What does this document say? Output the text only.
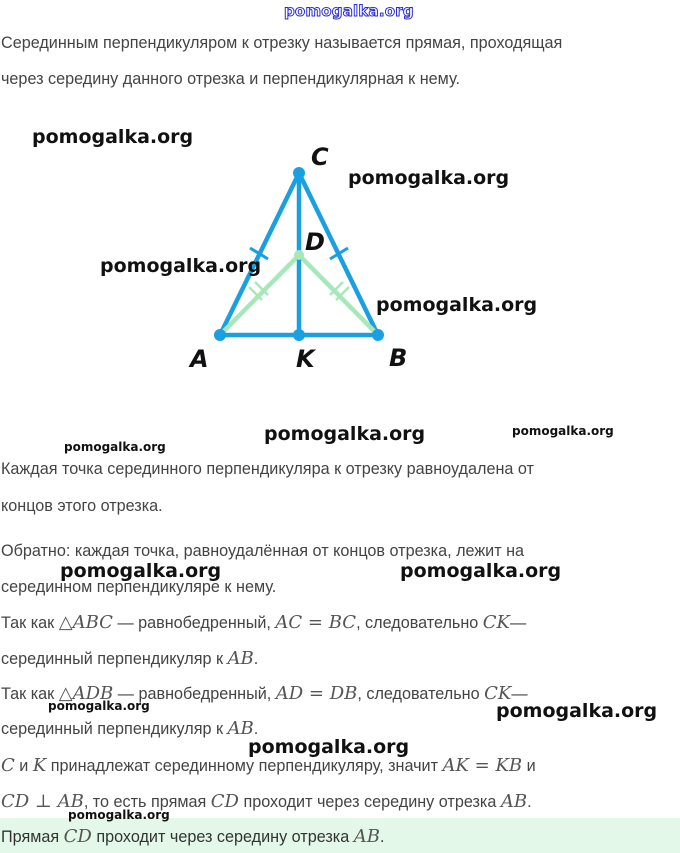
pomogalka.org
Серединным перпендикуляром к отрезку называется прямая, проходящая
через середину данного отрезка и перпендикулярная к нему.
C
D
A	K	B
pomogalka.org
pomogalka.org
pomogalka.org
pomogalka.org
pomogalka.org
pomogalka.org	pomogalka.org
Каждая точка серединного перпендикуляра к отрезку равноудалена от
концов этого отрезка.
Обратно: каждая точка, равноудалённая от концов отрезка, лежит на
серединном перпендикуляре к нему.
pomogalka.org	pomogalka.org
Так как △ABC — равнобедренный, AC = BC, следовательно CK—
серединный перпендикуляр к AB.
Так как △ADB — равнобедренный, AD = DB, следовательно CK—
серединный перпендикуляр к AB.
pomogalka.org	pomogalka.org
pomogalka.org
C и K принадлежат серединному перпендикуляру, значит AK = KB и
CD ⊥ AB, то есть прямая CD проходит через середину отрезка AB.
Прямая CD проходит через середину отрезка AB.
pomogalka.org
